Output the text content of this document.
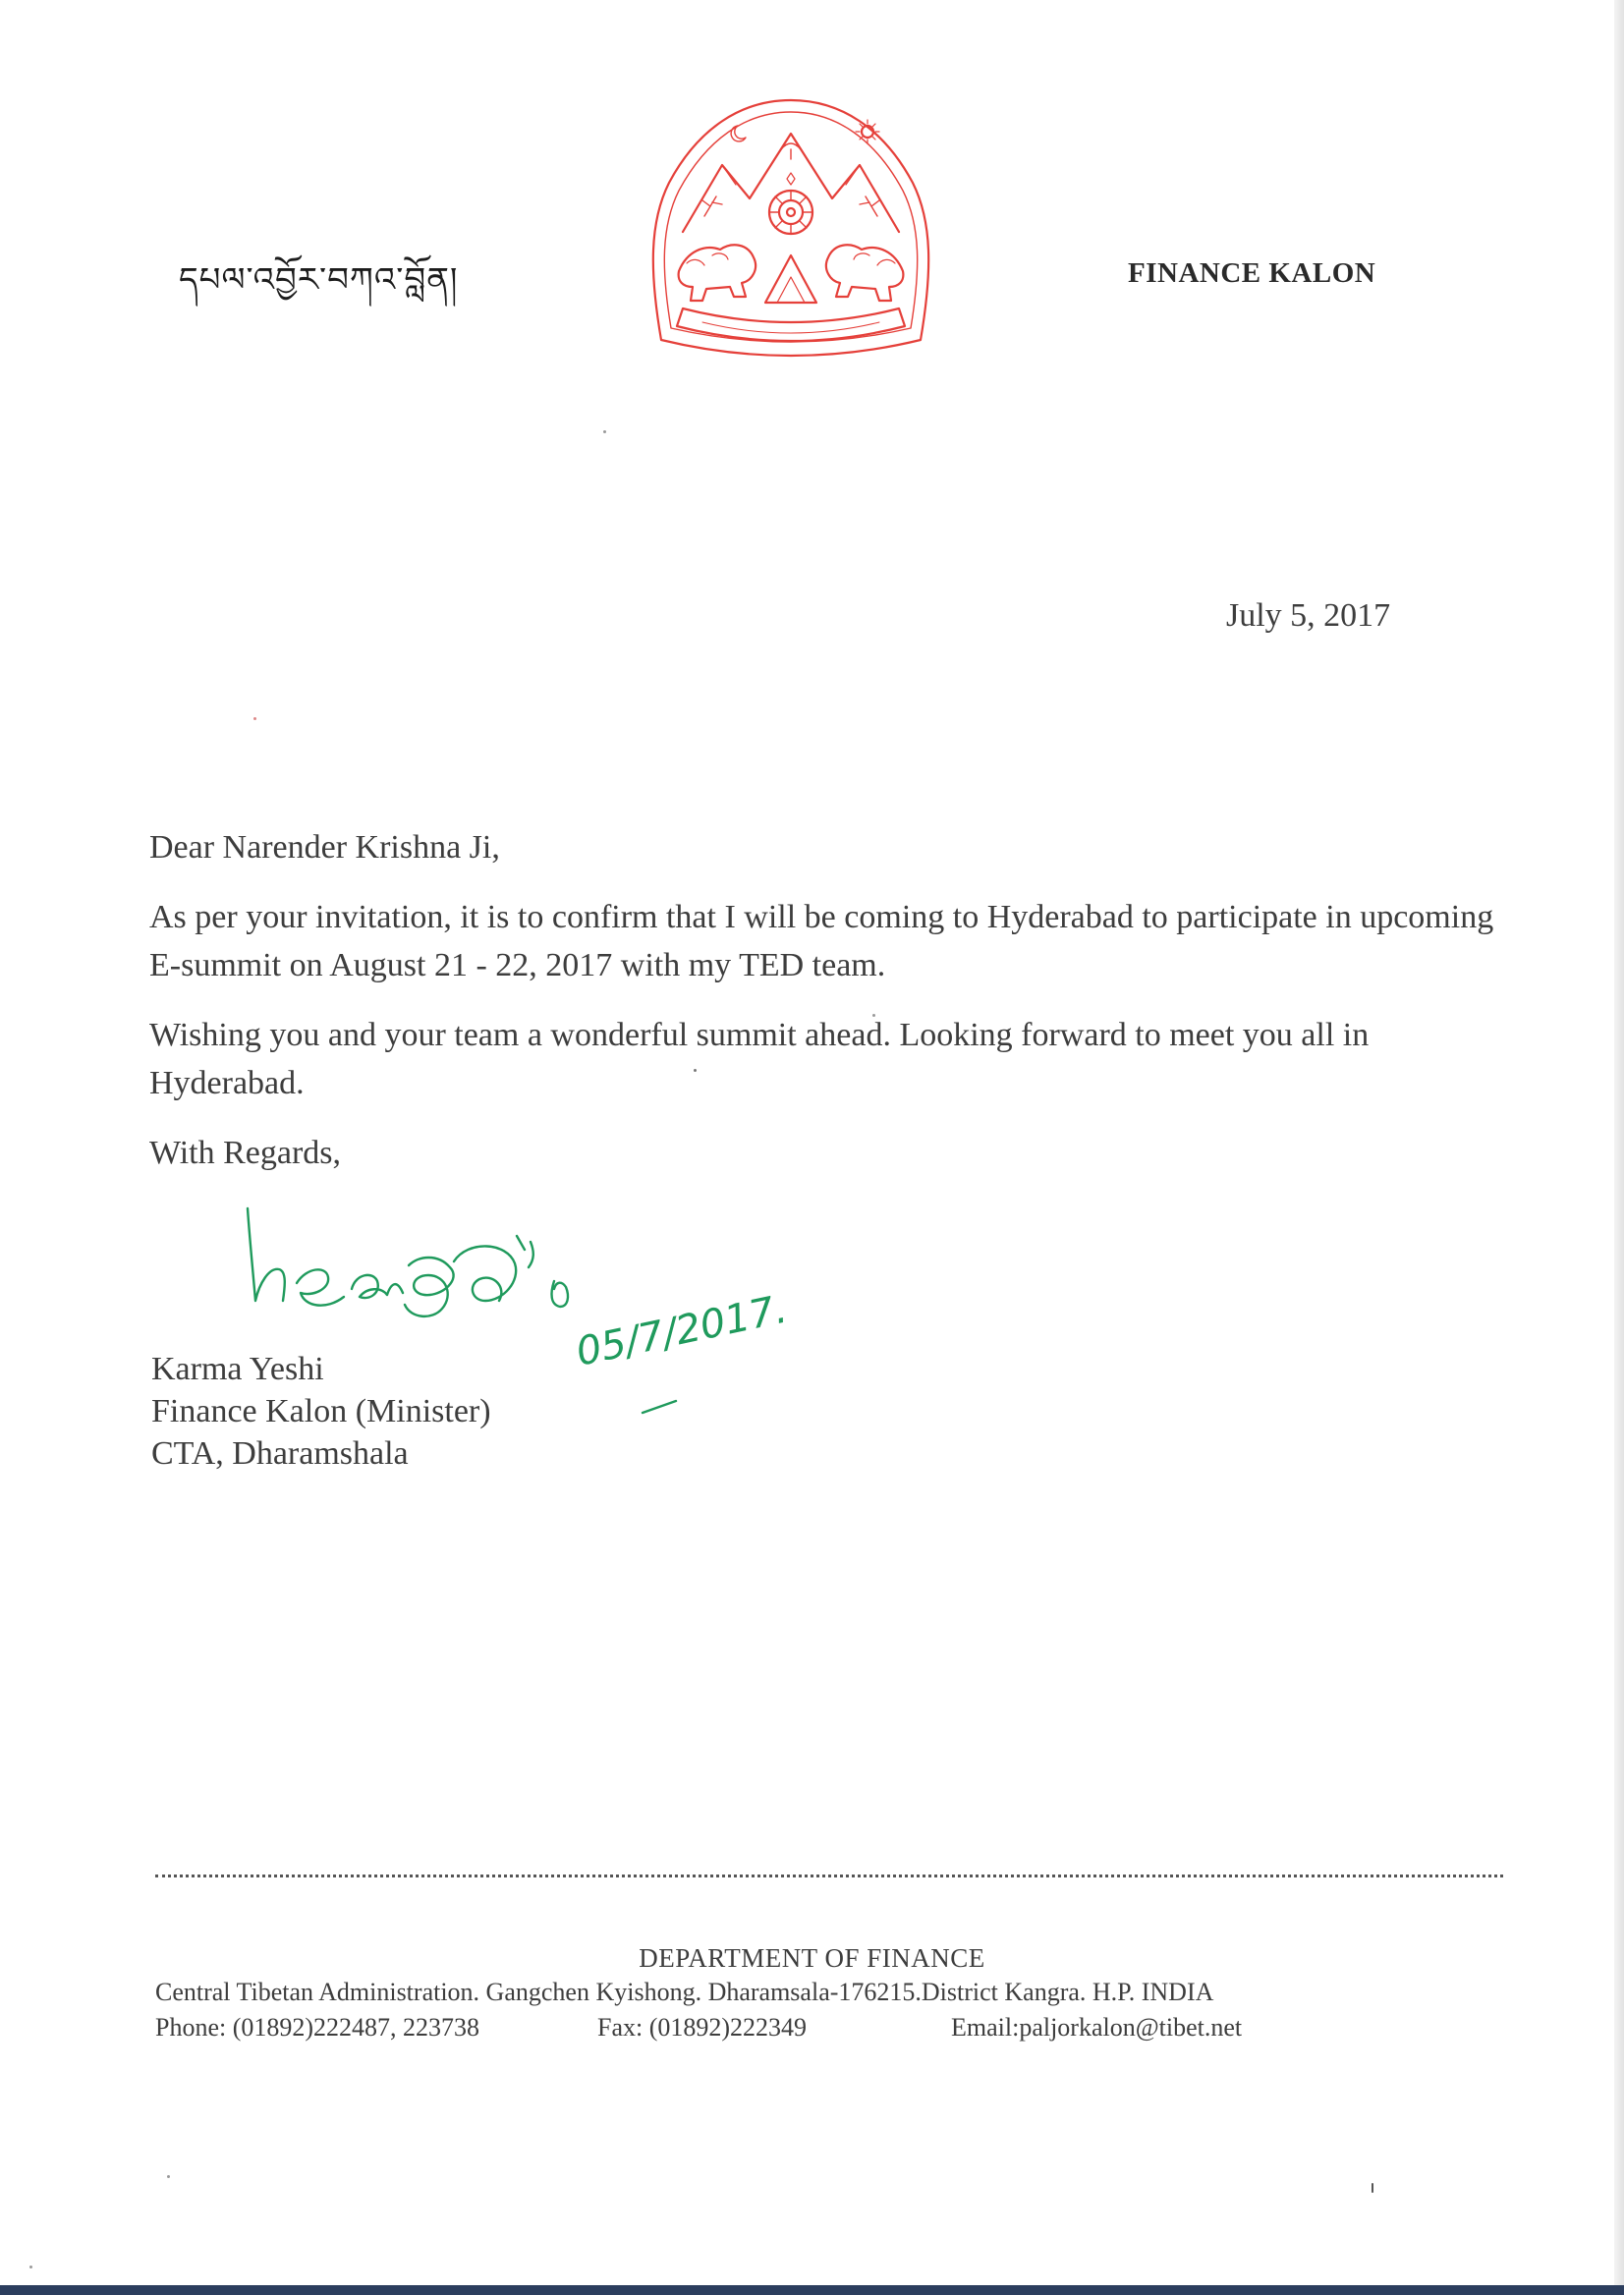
དཔལ་འབྱོར་བཀའ་བློན།	FINANCE KALON
July 5, 2017

Dear Narender Krishna Ji,

As per your invitation, it is to confirm that I will be coming to Hyderabad to participate in upcoming E-summit on August 21 - 22, 2017 with my TED team.

Wishing you and your team a wonderful summit ahead. Looking forward to meet you all in Hyderabad.

With Regards,

05/7/2017.
Karma Yeshi
Finance Kalon (Minister)
CTA, Dharamshala
DEPARTMENT OF FINANCE
Central Tibetan Administration. Gangchen Kyishong. Dharamsala-176215.District Kangra. H.P. INDIA
Phone: (01892)222487, 223738	Fax: (01892)222349	Email:paljorkalon@tibet.net
